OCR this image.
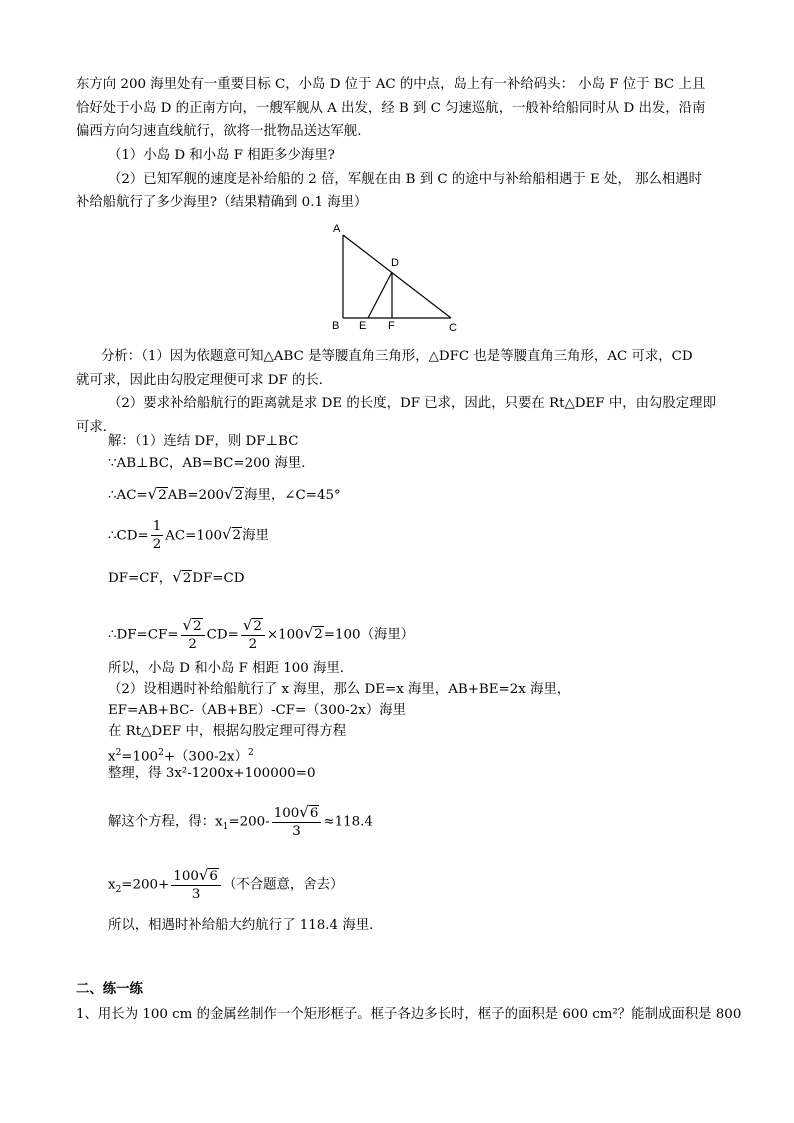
东方向 200 海里处有一重要目标 C，小岛 D 位于 AC 的中点，岛上有一补给码头： 小岛 F 位于 BC 上且
恰好处于小岛 D 的正南方向，一艘军舰从 A 出发，经 B 到 C 匀速巡航，一般补给船同时从 D 出发，沿南
偏西方向匀速直线航行，欲将一批物品送达军舰．
（1）小岛 D 和小岛 F 相距多少海里?
（2）已知军舰的速度是补给船的 2 倍，军舰在由 B 到 C 的途中与补给船相遇于 E 处， 那么相遇时
补给船航行了多少海里?（结果精确到 0.1 海里）
A
D
B E F	C
分析：（1）因为依题意可知△ABC 是等腰直角三角形，△DFC 也是等腰直角三角形，AC 可求，CD
就可求，因此由勾股定理便可求 DF 的长．
（2）要求补给船航行的距离就是求 DE 的长度，DF 已求，因此，只要在 Rt△DEF 中，由勾股定理即
可求．
解：（1）连结 DF，则 DF⊥BC
∵AB⊥BC，AB=BC=200 海里．
∴AC=√2AB=200√2海里，∠C=45°
∴CD= $\frac{1}{2} AC=100√2$海里
DF=CF，√2DF=CD
∴DF=CF= $\frac{√2}{2} CD= \frac{√2}{2} \times 100√2=100$（海里）
所以，小岛 D 和小岛 F 相距 100 海里．
（2）设相遇时补给船航行了 x 海里，那么 DE=x 海里，AB+BE=2x 海里，
EF=AB+BC-（AB+BE）-CF=（300-2x）海里
在 Rt△DEF 中，根据勾股定理可得方程
$x^2=100^2+(300-2x)^2$
整理，得 3x²-1200x+100000=0
解这个方程，得：$x_1=200- \frac{100√6}{3} \approx 118.4$
$x_2=200+ \frac{100√6}{3}$ （不合题意，舍去）
所以，相遇时补给船大约航行了 118.4 海里．
二、练一练
1、用长为 100 cm 的金属丝制作一个矩形框子。框子各边多长时，框子的面积是 600 cm²？能制成面积是 800
